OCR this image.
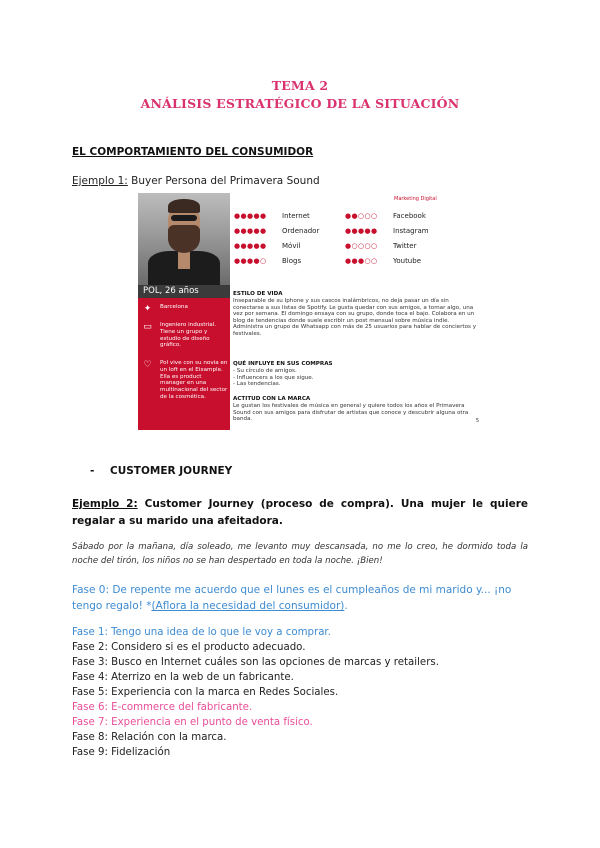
TEMA 2
ANÁLISIS ESTRATÉGICO DE LA SITUACIÓN
EL COMPORTAMIENTO DEL CONSUMIDOR
Ejemplo 1: Buyer Persona del Primavera Sound
POL, 26 años
✦	Barcelona
▭ Ingeniero industrial. Tiene un grupo y estudio de diseño gráfico.
♡ Pol vive con su novia en un loft en el Eixample. Ella es product manager en una multinacional del sector de la cosmética.
Marketing Digital
●●●●● Internet
●●●●● Ordenador
●●●●● Móvil
●●●●○ Blogs
●●○○○ Facebook
●●●●● Instagram
●○○○○ Twitter
●●●○○ Youtube
ESTILO DE VIDA
Inseparable de su Iphone y sus cascos inalámbricos, no deja pasar un día sin conectarse a sus listas de Spotify. Le gusta quedar con sus amigos, a tomar algo, una vez por semana. El domingo ensaya con su grupo, donde toca el bajo. Colabora en un blog de tendencias donde suele escribir un post mensual sobre música indie. Administra un grupo de Whatsapp con más de 25 usuarios para hablar de conciertos y festivales.
QUÉ INFLUYE EN SUS COMPRAS
- Su círculo de amigos.
- Influencers a los que sigue.
- Las tendencias.
ACTITUD CON LA MARCA
Le gustan los festivales de música en general y quiere todos los años el Primavera Sound con sus amigos para disfrutar de artistas que conoce y descubrir alguna otra banda.	5
- CUSTOMER JOURNEY
Ejemplo 2: Customer Journey (proceso de compra). Una mujer le quiere regalar a su marido una afeitadora.
Sábado por la mañana, día soleado, me levanto muy descansada, no me lo creo, he dormido toda la noche del tirón, los niños no se han despertado en toda la noche. ¡Bien!
Fase 0: De repente me acuerdo que el lunes es el cumpleaños de mi marido y... ¡no tengo regalo! *(Aflora la necesidad del consumidor).
Fase 1: Tengo una idea de lo que le voy a comprar.
Fase 2: Considero si es el producto adecuado.
Fase 3: Busco en Internet cuáles son las opciones de marcas y retailers.
Fase 4: Aterrizo en la web de un fabricante.
Fase 5: Experiencia con la marca en Redes Sociales.
Fase 6: E-commerce del fabricante.
Fase 7: Experiencia en el punto de venta físico.
Fase 8: Relación con la marca.
Fase 9: Fidelización
